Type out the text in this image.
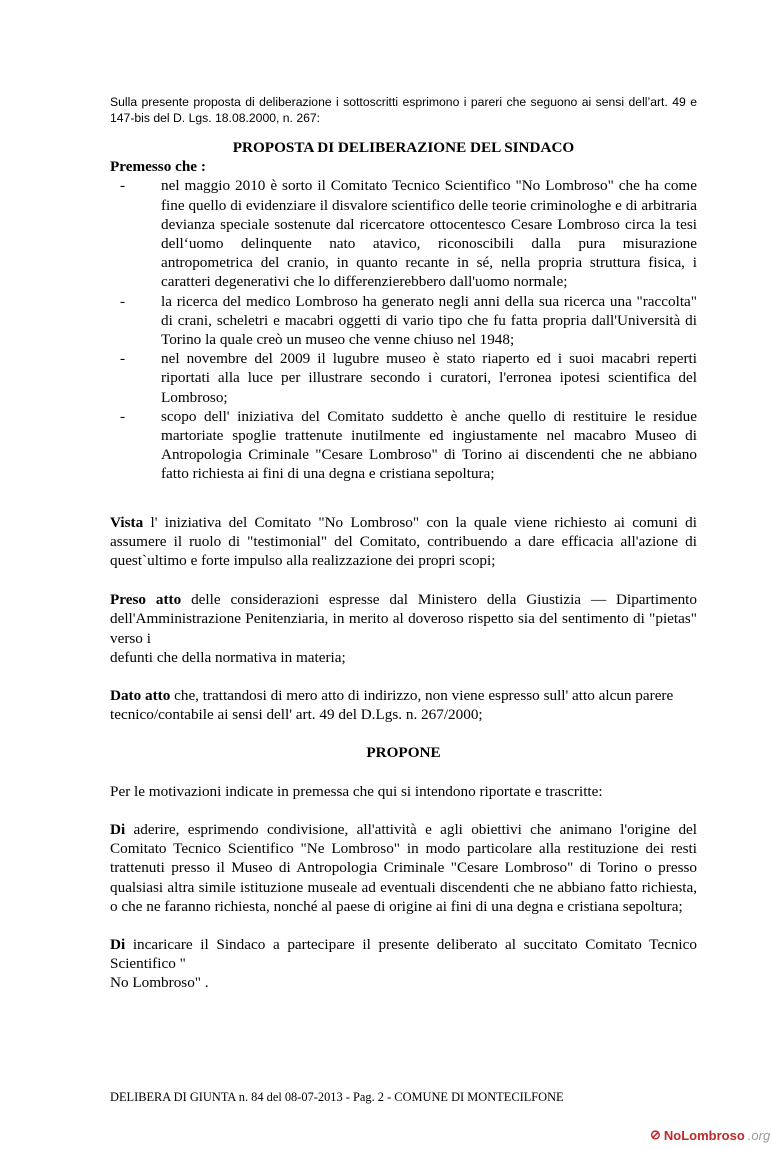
Sulla presente proposta di deliberazione i sottoscritti esprimono i pareri che seguono ai sensi dell’art. 49 e 147-bis del D. Lgs. 18.08.2000, n. 267:

PROPOSTA DI DELIBERAZIONE DEL SINDACO

Premesso che :

- nel maggio 2010 è sorto il Comitato Tecnico Scientifico "No Lombroso" che ha come fine quello di evidenziare il disvalore scientifico delle teorie criminologhe e di arbitraria devianza speciale sostenute dal ricercatore ottocentesco Cesare Lombroso circa la tesi dell‘uomo delinquente nato atavico, riconoscibili dalla pura misurazione antropometrica del cranio, in quanto recante in sé, nella propria struttura fisica, i caratteri degenerativi che lo differenzierebbero dall'uomo normale;
- la ricerca del medico Lombroso ha generato negli anni della sua ricerca una "raccolta" di crani, scheletri e macabri oggetti di vario tipo che fu fatta propria dall'Università di Torino la quale creò un museo che venne chiuso nel 1948;
- nel novembre del 2009 il lugubre museo è stato riaperto ed i suoi macabri reperti riportati alla luce per illustrare secondo i curatori, l'erronea ipotesi scientifica del Lombroso;
- scopo dell' iniziativa del Comitato suddetto è anche quello di restituire le residue martoriate spoglie trattenute inutilmente ed ingiustamente nel macabro Museo di Antropologia Criminale "Cesare Lombroso" di Torino ai discendenti che ne abbiano fatto richiesta ai fini di una degna e cristiana sepoltura;

Vista l' iniziativa del Comitato "No Lombroso" con la quale viene richiesto ai comuni di assumere il ruolo di "testimonial" del Comitato, contribuendo a dare efficacia all'azione di quest`ultimo e forte impulso alla realizzazione dei propri scopi;

Preso atto delle considerazioni espresse dal Ministero della Giustizia — Dipartimento dell'Amministrazione Penitenziaria, in merito al doveroso rispetto sia del sentimento di "pietas" verso i

defunti che della normativa in materia;

Dato atto che, trattandosi di mero atto di indirizzo, non viene espresso sull' atto alcun parere

tecnico/contabile ai sensi dell' art. 49 del D.Lgs. n. 267/2000;

PROPONE

Per le motivazioni indicate in premessa che qui si intendono riportate e trascritte:

Di aderire, esprimendo condivisione, all'attività e agli obiettivi che animano l'origine del Comitato Tecnico Scientifico "Ne Lombroso" in modo particolare alla restituzione dei resti trattenuti presso il Museo di Antropologia Criminale "Cesare Lombroso" di Torino o presso qualsiasi altra simile istituzione museale ad eventuali discendenti che ne abbiano fatto richiesta, o che ne faranno richiesta, nonché al paese di origine ai fini di una degna e cristiana sepoltura;

Di incaricare il Sindaco a partecipare il presente deliberato al succitato Comitato Tecnico Scientifico "

No Lombroso" .

DELIBERA DI GIUNTA n. 84 del 08-07-2013 - Pag. 2 - COMUNE DI MONTECILFONE
⊘ NoLombroso .org
